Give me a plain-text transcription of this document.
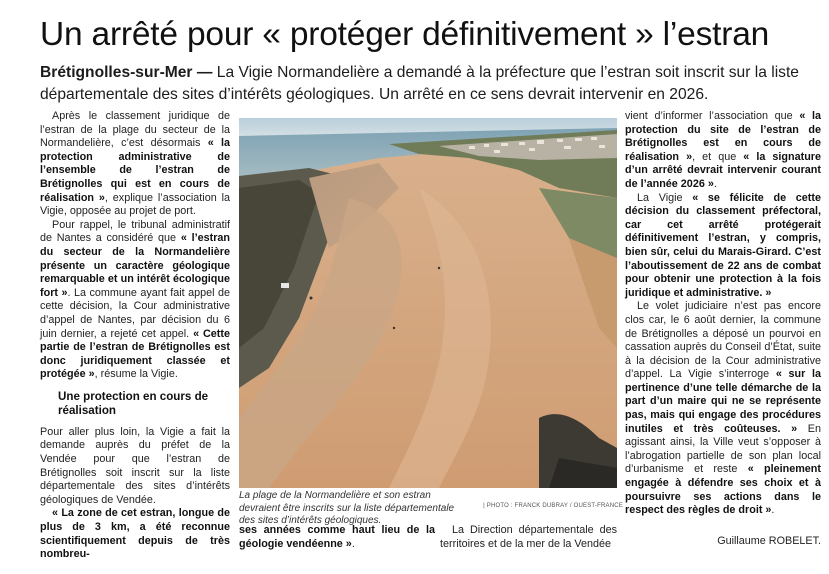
Un arrêté pour « protéger définitivement » l’estran
Brétignolles-sur-Mer — La Vigie Normandelière a demandé à la préfecture que l’estran soit inscrit sur la liste départementale des sites d’intérêts géologiques. Un arrêté en ce sens devrait intervenir en 2026.

Après le classement juridique de l’estran de la plage du secteur de la Normandelière, c’est désormais « la protection administrative de l’ensemble de l’estran de Brétignolles qui est en cours de réalisation », explique l’association la Vigie, opposée au projet de port.

Pour rappel, le tribunal administratif de Nantes a considéré que « l’estran du secteur de la Normandelière présente un caractère géologique remarquable et un intérêt écologique fort ». La commune ayant fait appel de cette décision, la Cour administrative d’appel de Nantes, par décision du 6 juin dernier, a rejeté cet appel. « Cette partie de l’estran de Brétignolles est donc juridiquement classée et protégée », résume la Vigie.

Une protection en cours de réalisation

Pour aller plus loin, la Vigie a fait la demande auprès du préfet de la Vendée pour que l’estran de Brétignolles soit inscrit sur la liste départementale des sites d’intérêts géologiques de Vendée.

« La zone de cet estran, longue de plus de 3 km, a été reconnue scientifiquement depuis de très nombreu-

La plage de la Normandelière et son estran devraient être inscrits sur la liste départementale des sites d’intérêts géologiques.
| PHOTO : FRANCK DUBRAY / OUEST-FRANCE
ses années comme haut lieu de la géologie vendéenne ».
La Direction départementale des territoires et de la mer de la Vendée

vient d’informer l’association que « la protection du site de l’estran de Brétignolles est en cours de réalisation », et que « la signature d’un arrêté devrait intervenir courant de l’année 2026 ».

La Vigie « se félicite de cette décision du classement préfectoral, car cet arrêté protégerait définitivement l’estran, y compris, bien sûr, celui du Marais-Girard. C’est l’aboutissement de 22 ans de combat pour obtenir une protection à la fois juridique et administrative. »

Le volet judiciaire n’est pas encore clos car, le 6 août dernier, la commune de Brétignolles a déposé un pourvoi en cassation auprès du Conseil d’État, suite à la décision de la Cour administrative d’appel. La Vigie s’interroge « sur la pertinence d’une telle démarche de la part d’un maire qui ne se représente pas, mais qui engage des procédures inutiles et très coûteuses. » En agissant ainsi, la Ville veut s’opposer à l’abrogation partielle de son plan local d’urbanisme et reste « pleinement engagée à défendre ses choix et à poursuivre ses actions dans le respect des règles de droit ».

Guillaume ROBELET.
